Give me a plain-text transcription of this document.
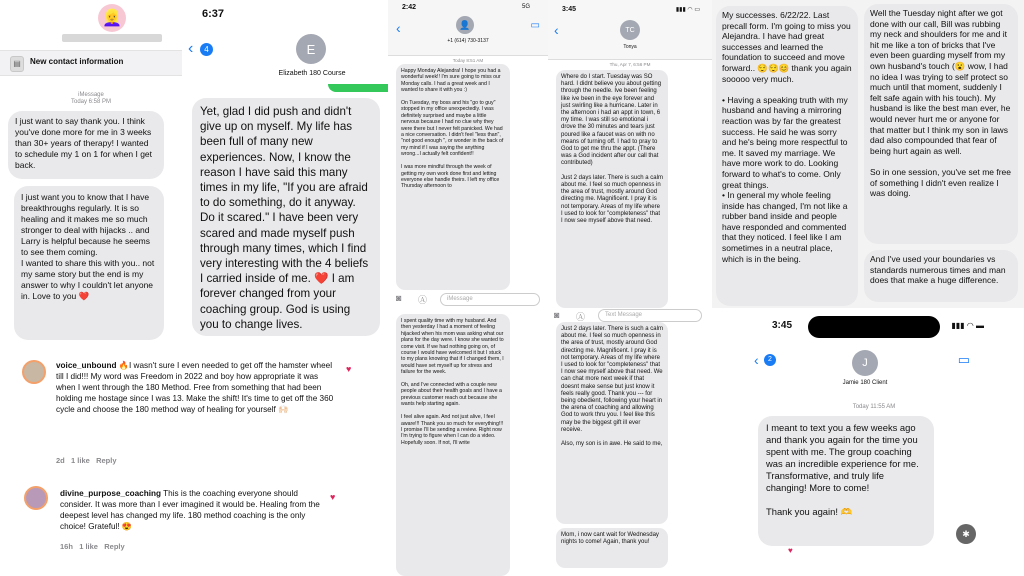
👱‍♀️
▤	New contact information
iMessage
Today 6:58 PM
I just want to say thank you. I think you've done more for me in 3 weeks than 30+ years of therapy! I wanted to schedule my 1 on 1 for when I get back.
I just want you to know that I have breakthroughs regularly. It is so healing and it makes me so much stronger to deal with hijacks .. and Larry is helpful because he seems to see them coming.
I wanted to share this with you.. not my same story but the end is my answer to why I couldn't let anyone in. Love to you ❤️
voice_unbound 🔥I wasn't sure I even needed to get off the hamster wheel till I did!!! My word was Freedom in 2022 and boy how appropriate it was when I went through the 180 Method. Free from something that had been holding me hostage since I was 13. Make the shift! It's time to get off the 360 cycle and choose the 180 method way of healing for yourself 🙌🏻
2d 1 like Reply
divine_purpose_coaching This is the coaching everyone should consider. It was more than I ever imagined it would be. Healing from the deepest level has changed my life. 180 method coaching is the only choice! Grateful! 😍
16h 1 like Reply
♥
♥
6:37
‹	4	E
Elizabeth 180 Course
Yet, glad I did push and didn't give up on myself. My life has been full of many new experiences. Now, I know the reason I have said this many times in my life, "If you are afraid to do something, do it anyway. Do it scared." I have been very scared and made myself push through many times, which I find very interesting with the 4 beliefs I carried inside of me. ❤️ I am forever changed from your coaching group. God is using you to change lives.
2:42	5G
‹	👤
+1 (614) 730-3137
▭
Today 8:51 AM
Happy Monday Alejandra! I hope you had a wonderful week!! I'm sure going to miss our Monday calls. I had a great week and I wanted to share it with you :)

On Tuesday, my boss and his "go to guy" stopped in my office unexpectedly. I was definitely surprised and maybe a little nervous because I had no clue why they were there but I never felt panicked. We had a nice conversation. I didn't feel "less than", "not good enough ", or wonder in the back of my mind if I was saying the anything wrong...I actually felt confident!!

I was more mindful through the week of getting my own work done first and letting everyone else handle theirs. I left my office Thursday afternoon to
◙ Ⓐ	iMessage
I spent quality time with my husband. And then yesterday I had a moment of feeling hijacked when his mom was asking what our plans for the day were. I know she wanted to come visit. If we had nothing going on, of course I would have welcomed it but I stuck to my plans knowing that if I changed them, I would have set myself up for stress and failure for the week.

Oh, and I've connected with a couple new people about their health goals and I have a previous customer reach out because she wants help starting again.

I feel alive again. And not just alive, I feel aware!!! Thank you so much for everything!!! I promise I'll be sending a review. Right now I'm trying to figure when I can do a video. Hopefully soon. If not, I'll write
3:45	▮▮▮ ◠ ▭
‹	TC
Tonya
Thu, Apr 7, 6:56 PM
Where do I start. Tuesday was SO hard. I didnt believe you about getting through the needle. Ive been feeling like ive been in the eye forever and just swirling like a hurricane. Later in the afternoon i had an appt in town, 6 my time. I was still so emotional i drove the 30 minutes and tears just poured like a faucet was on with no means of turning off. I had to pray to God to get me thru the appt. (There was a God incident after our call that contributed)

Just 2 days later. There is such a calm about me. I feel so much openness in the area of trust, mostly around God directing me. Magnificent. I pray it is not temporary. Areas of my life where I used to look for "completeness" that I now see myself above that need.
◙ Ⓐ	Text Message
Just 2 days later. There is such a calm about me. I feel so much openness in the area of trust, mostly around God directing me. Magnificent. I pray it is not temporary. Areas of my life where I used to look for "completeness" that I now see myself above that need. We can chat more next week if that doesnt make sense but just know it feels really good. Thank you --- for being obedient, following your heart in the arena of coaching and allowing God to work thru you. I feel like this may be the biggest gift ill ever receive.

Also, my son is in awe. He said to me,
Mom, i now cant wait for Wednesday nights to come! Again, thank you!
My successes. 6/22/22. Last precall form. I'm going to miss you Alejandra. I have had great successes and learned the foundation to succeed and move forward.. 😌😌😊 thank you again sooooo very much.

• Having a speaking truth with my husband and having a mirroring reaction was by far the greatest success. He said he was sorry and he's being more respectful to me. It saved my marriage. We have more work to do. Looking forward to what's to come. Only great things.
• In general my whole feeling inside has changed, I'm not like a rubber band inside and people have responded and commented that they noticed. I feel like I am sometimes in a neutral place, which is in the being.
Well the Tuesday night after we got done with our call, Bill was rubbing my neck and shoulders for me and it hit me like a ton of bricks that I've even been guarding myself from my own husband's touch (😮 wow, I had no idea I was trying to self protect so much until that moment, suddenly I felt safe again with his touch). My husband is like the best man ever, he would never hurt me or anyone for that matter but I think my son in laws dad also compounded that fear of being hurt again as well.

So in one session, you've set me free of something I didn't even realize I was doing.
And I've used your boundaries vs standards numerous times and man does that make a huge difference.
3:45	▮▮▮ ◠ ▬
‹	2	J
Jamie 180 Client
▭
Today 11:55 AM
I meant to text you a few weeks ago and thank you again for the time you spent with me. The group coaching was an incredible experience for me. Transformative, and truly life changing! More to come!

Thank you again! 🫶
♥
✱
